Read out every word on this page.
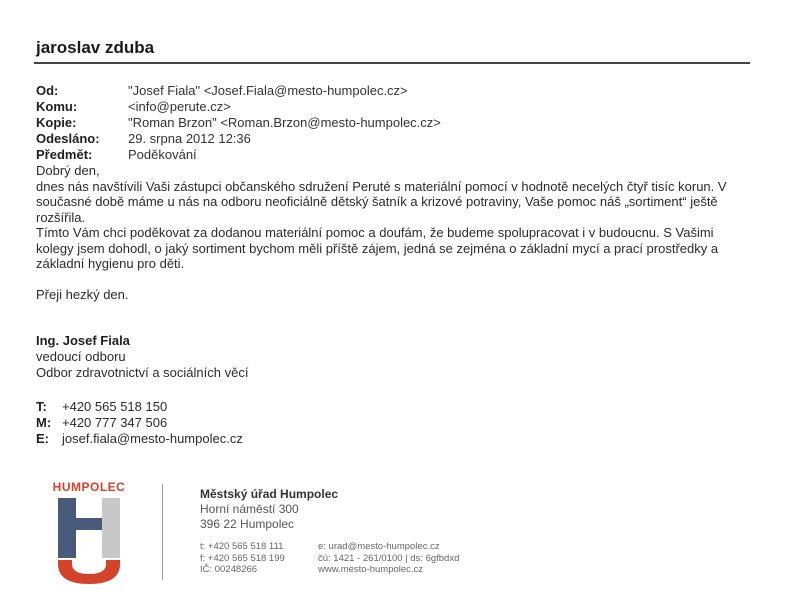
jaroslav zduba
Od:	"Josef Fiala" <Josef.Fiala@mesto-humpolec.cz>
Komu:	<info@perute.cz>
Kopie:	"Roman Brzon" <Roman.Brzon@mesto-humpolec.cz>
Odesláno:	29. srpna 2012 12:36
Předmět:	Poděkování

Dobrý den,

dnes nás navštívili Vaši zástupci občanského sdružení Peruté s materiální pomocí v hodnotě necelých čtyř tisíc korun. V současné době máme u nás na odboru neoficiálně dětský šatník a krizové potraviny, Vaše pomoc náš „sortiment“ ještě rozšířila.

Tímto Vám chci poděkovat za dodanou materiální pomoc a doufám, že budeme spolupracovat i v budoucnu. S Vašimi kolegy jsem dohodl, o jaký sortiment bychom měli příště zájem, jedná se zejména o základní mycí a prací prostředky a základní hygienu pro děti.

Přeji hezký den.

Ing. Josef Fiala
vedoucí odboru
Odbor zdravotnictví a sociálních věcí
T:	+420 565 518 150
M: +420 777 347 506
E:	josef.fiala@mesto-humpolec.cz
HUMPOLEC	Městský úřad Humpolec
Horní náměstí 300
396 22 Humpolec
t: +420 565 518 111
f: +420 565 518 199
IČ: 00248266
e: urad@mesto-humpolec.cz
čú: 1421 - 261/0100 | ds: 6gfbdxd
www.mesto-humpolec.cz
